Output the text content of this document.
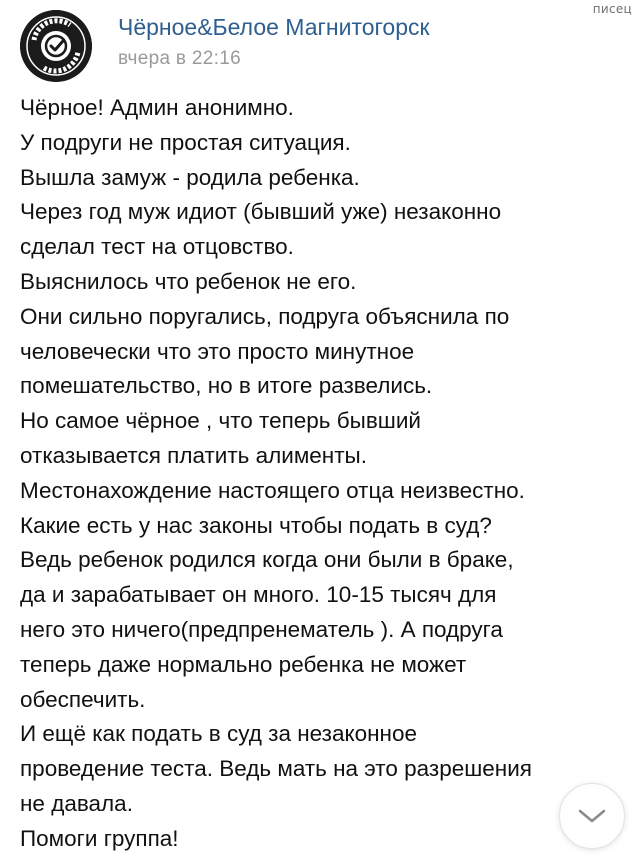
писец
Чёрное&Белое Магнитогорск
вчера в 22:16
Чёрное! Админ анонимно.
У подруги не простая ситуация.
Вышла замуж - родила ребенка.
Через год муж идиот (бывший уже) незаконно
сделал тест на отцовство.
Выяснилось что ребенок не его.
Они сильно поругались, подруга объяснила по
человечески что это просто минутное
помешательство, но в итоге развелись.
Но самое чёрное , что теперь бывший
отказывается платить алименты.
Местонахождение настоящего отца неизвестно.
Какие есть у нас законы чтобы подать в суд?
Ведь ребенок родился когда они были в браке,
да и зарабатывает он много. 10-15 тысяч для
него это ничего(предпренематель ). А подруга
теперь даже нормально ребенка не может
обеспечить.
И ещё как подать в суд за незаконное
проведение теста. Ведь мать на это разрешения
не давала.
Помоги группа!
